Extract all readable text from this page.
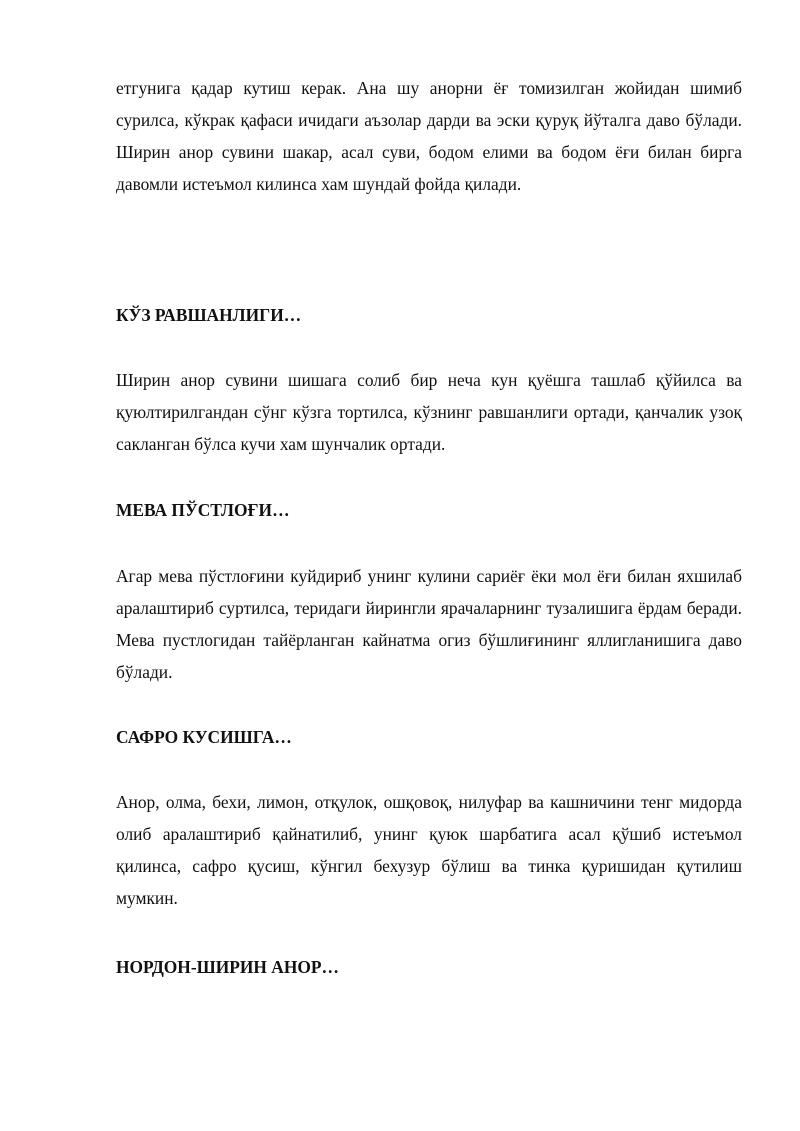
етгунига қадар кутиш керак. Ана шу анорни ёғ томизилган жойидан шимиб сурилса, кўкрак қафаси ичидаги аъзолар дарди ва эски қуруқ йўталга даво бўлади. Ширин анор сувини шакар, асал суви, бодом елими ва бодом ёғи билан бирга давомли истеъмол килинса хам шундай фойда қилади.

КЎЗ РАВШАНЛИГИ…

Ширин анор сувини шишага солиб бир неча кун қуёшга ташлаб қўйилса ва қуюлтирилгандан сўнг кўзга тортилса, кўзнинг равшанлиги ортади, қанчалик узоқ сакланган бўлса кучи хам шунчалик ортади.

МЕВА ПЎСТЛОҒИ…

Агар мева пўстлоғини куйдириб унинг кулини сариёғ ёки мол ёғи билан яхшилаб аралаштириб суртилса, теридаги йирингли ярачаларнинг тузалишига ёрдам беради. Мева пустлогидан тайёрланган кайнатма огиз бўшлиғининг яллигланишига даво бўлади.

САФРО КУСИШГА…

Анор, олма, бехи, лимон, отқулок, ошқовоқ, нилуфар ва кашничини тенг мидорда олиб аралаштириб қайнатилиб, унинг қуюк шарбатига асал қўшиб истеъмол қилинса, сафро қусиш, кўнгил бехузур бўлиш ва тинка қуришидан қутилиш мумкин.

НОРДОН-ШИРИН АНОР…
